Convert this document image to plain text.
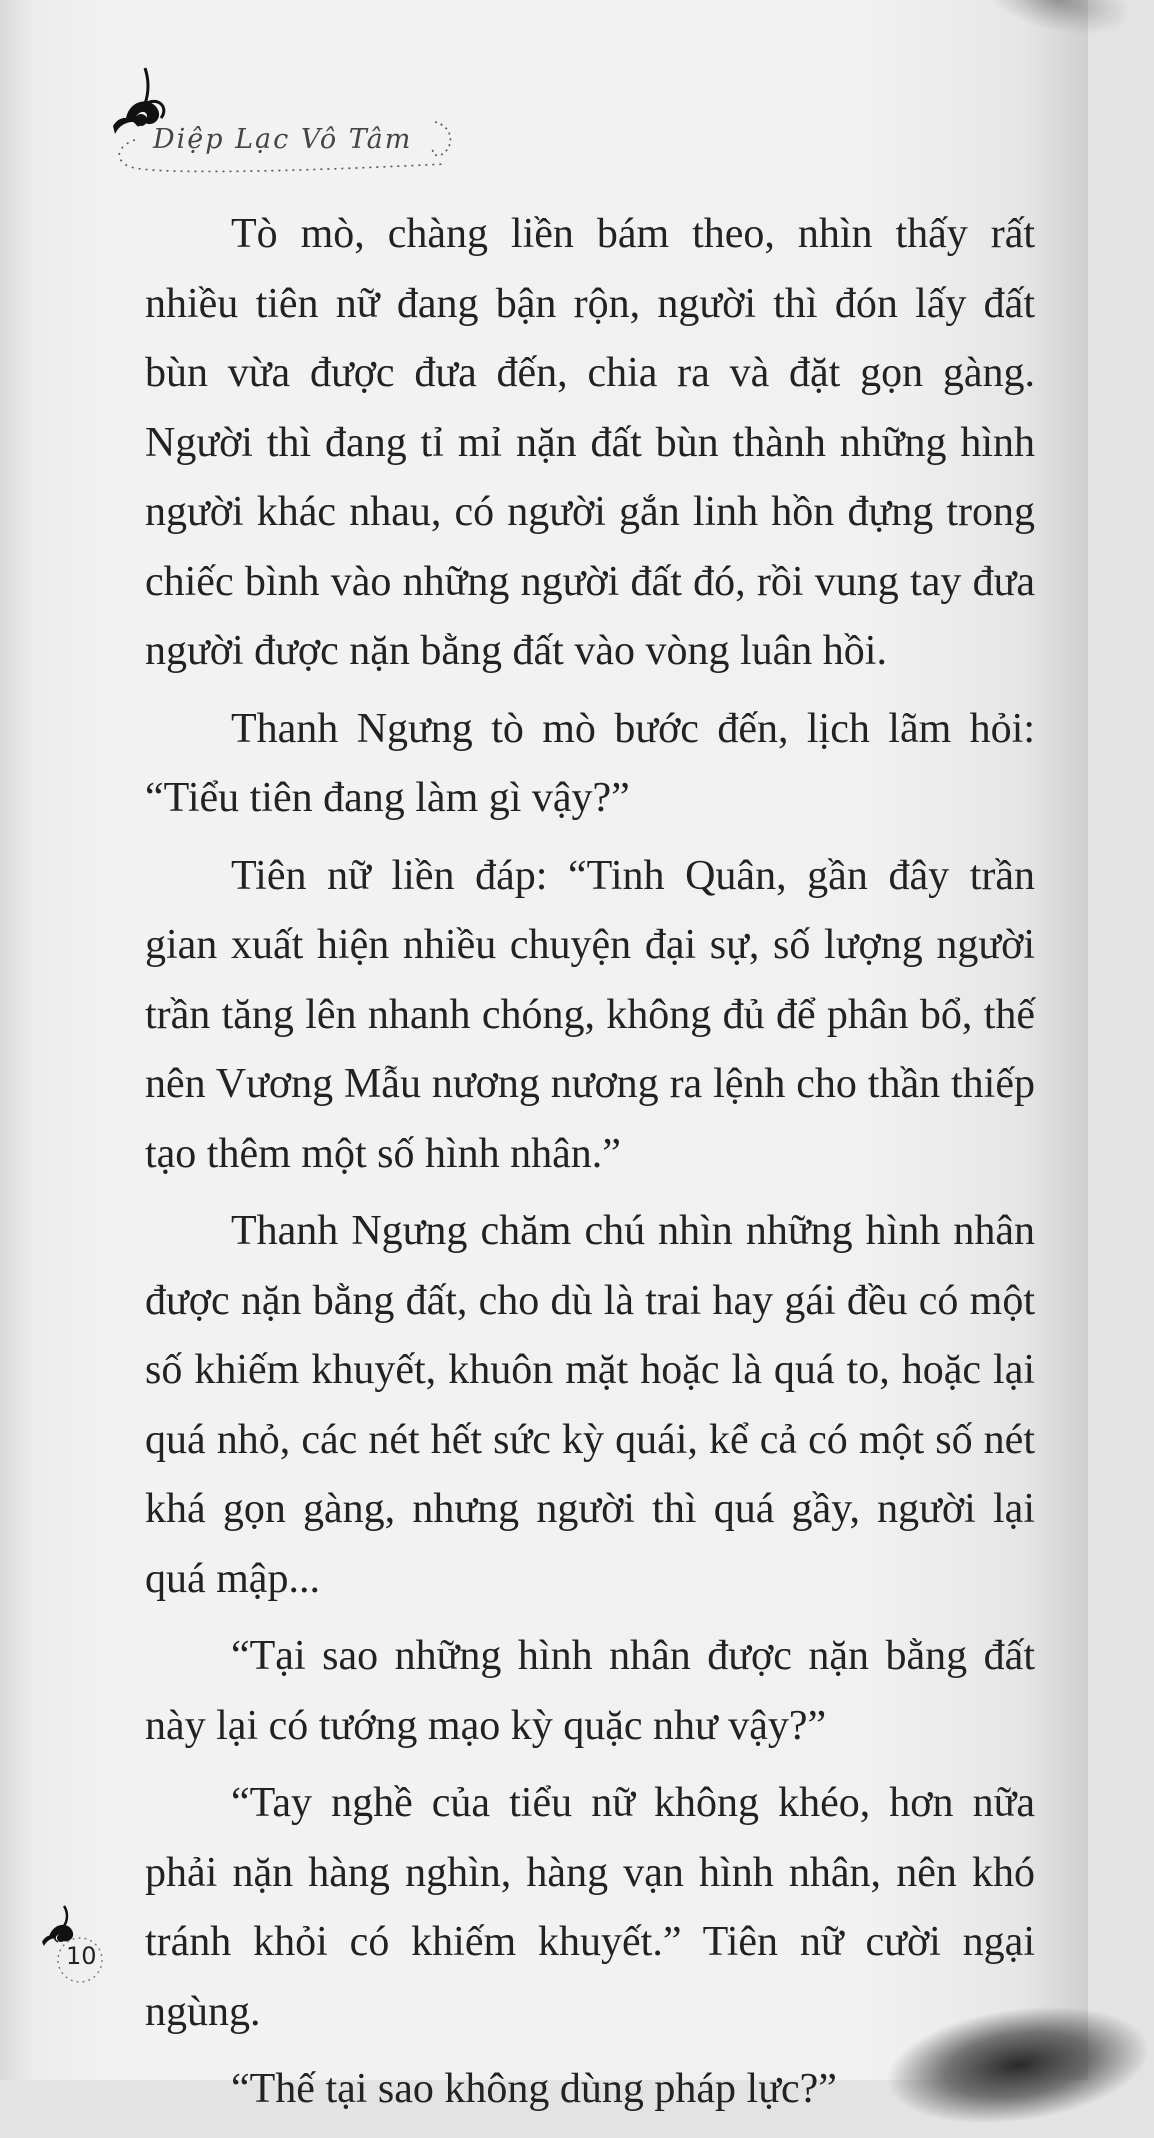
Diệp Lạc Vô Tâm

Tò mò, chàng liền bám theo, nhìn thấy rất nhiều tiên nữ đang bận rộn, người thì đón lấy đất bùn vừa được đưa đến, chia ra và đặt gọn gàng. Người thì đang tỉ mỉ nặn đất bùn thành những hình người khác nhau, có người gắn linh hồn đựng trong chiếc bình vào những người đất đó, rồi vung tay đưa người được nặn bằng đất vào vòng luân hồi.

Thanh Ngưng tò mò bước đến, lịch lãm hỏi: “Tiểu tiên đang làm gì vậy?”

Tiên nữ liền đáp: “Tinh Quân, gần đây trần gian xuất hiện nhiều chuyện đại sự, số lượng người trần tăng lên nhanh chóng, không đủ để phân bổ, thế nên Vương Mẫu nương nương ra lệnh cho thần thiếp tạo thêm một số hình nhân.”

Thanh Ngưng chăm chú nhìn những hình nhân được nặn bằng đất, cho dù là trai hay gái đều có một số khiếm khuyết, khuôn mặt hoặc là quá to, hoặc lại quá nhỏ, các nét hết sức kỳ quái, kể cả có một số nét khá gọn gàng, nhưng người thì quá gầy, người lại quá mập...

“Tại sao những hình nhân được nặn bằng đất này lại có tướng mạo kỳ quặc như vậy?”

“Tay nghề của tiểu nữ không khéo, hơn nữa phải nặn hàng nghìn, hàng vạn hình nhân, nên khó tránh khỏi có khiếm khuyết.” Tiên nữ cười ngại ngùng.

“Thế tại sao không dùng pháp lực?”

10
